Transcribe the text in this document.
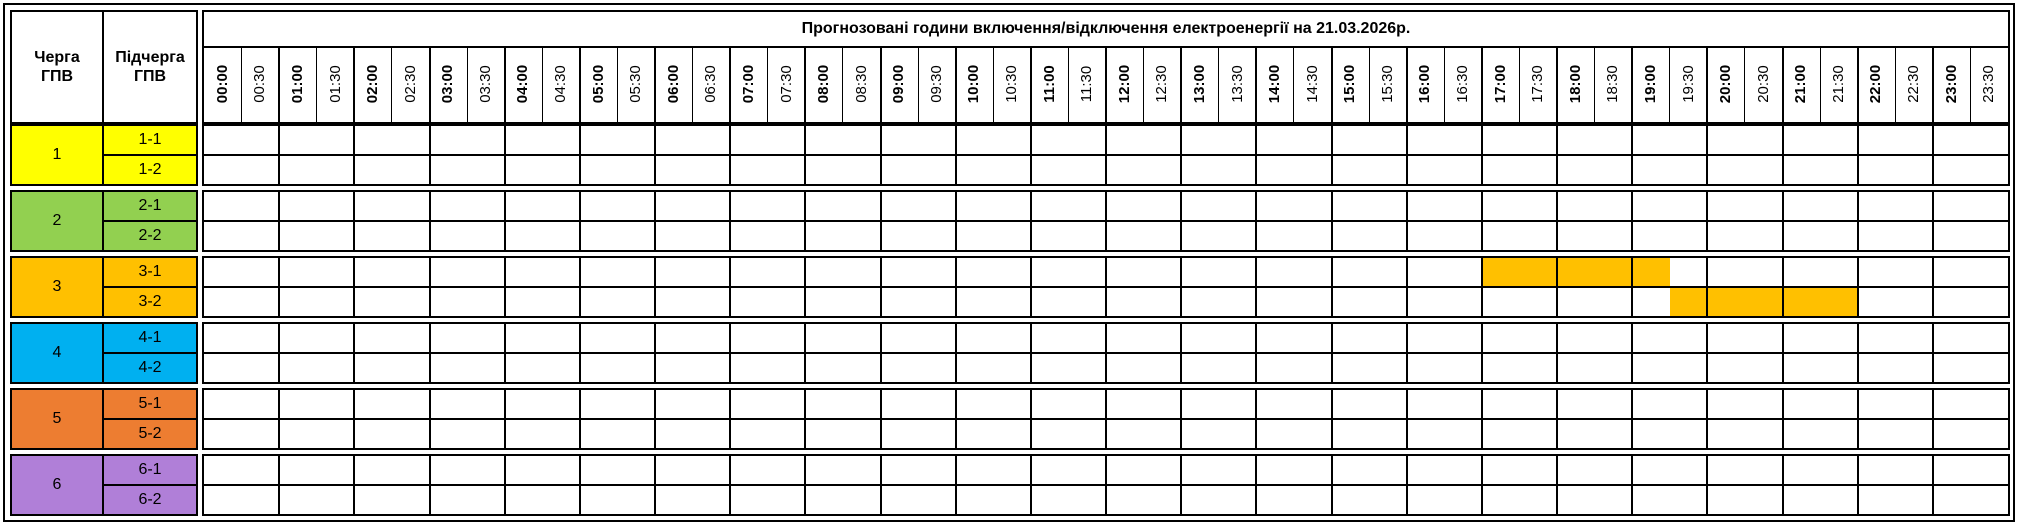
Черга ГПВ
Підчерга ГПВ
Прогнозовані години включення/відключення електроенергії на 21.03.2026р.
00:00 00:30 01:00 01:30 02:00 02:30 03:00 03:30 04:00 04:30 05:00 05:30 06:00 06:30 07:00 07:30 08:00 08:30 09:00 09:30 10:00 10:30 11:00 11:30 12:00 12:30 13:00 13:30 14:00 14:30 15:00 15:30 16:00 16:30 17:00 17:30 18:00 18:30 19:00 19:30 20:00 20:30 21:00 21:30 22:00 22:30 23:00 23:30
1
1-1
1-2
2
2-1
2-2
3
3-1
3-2
4
4-1
4-2
5
5-1
5-2
6
6-1
6-2
